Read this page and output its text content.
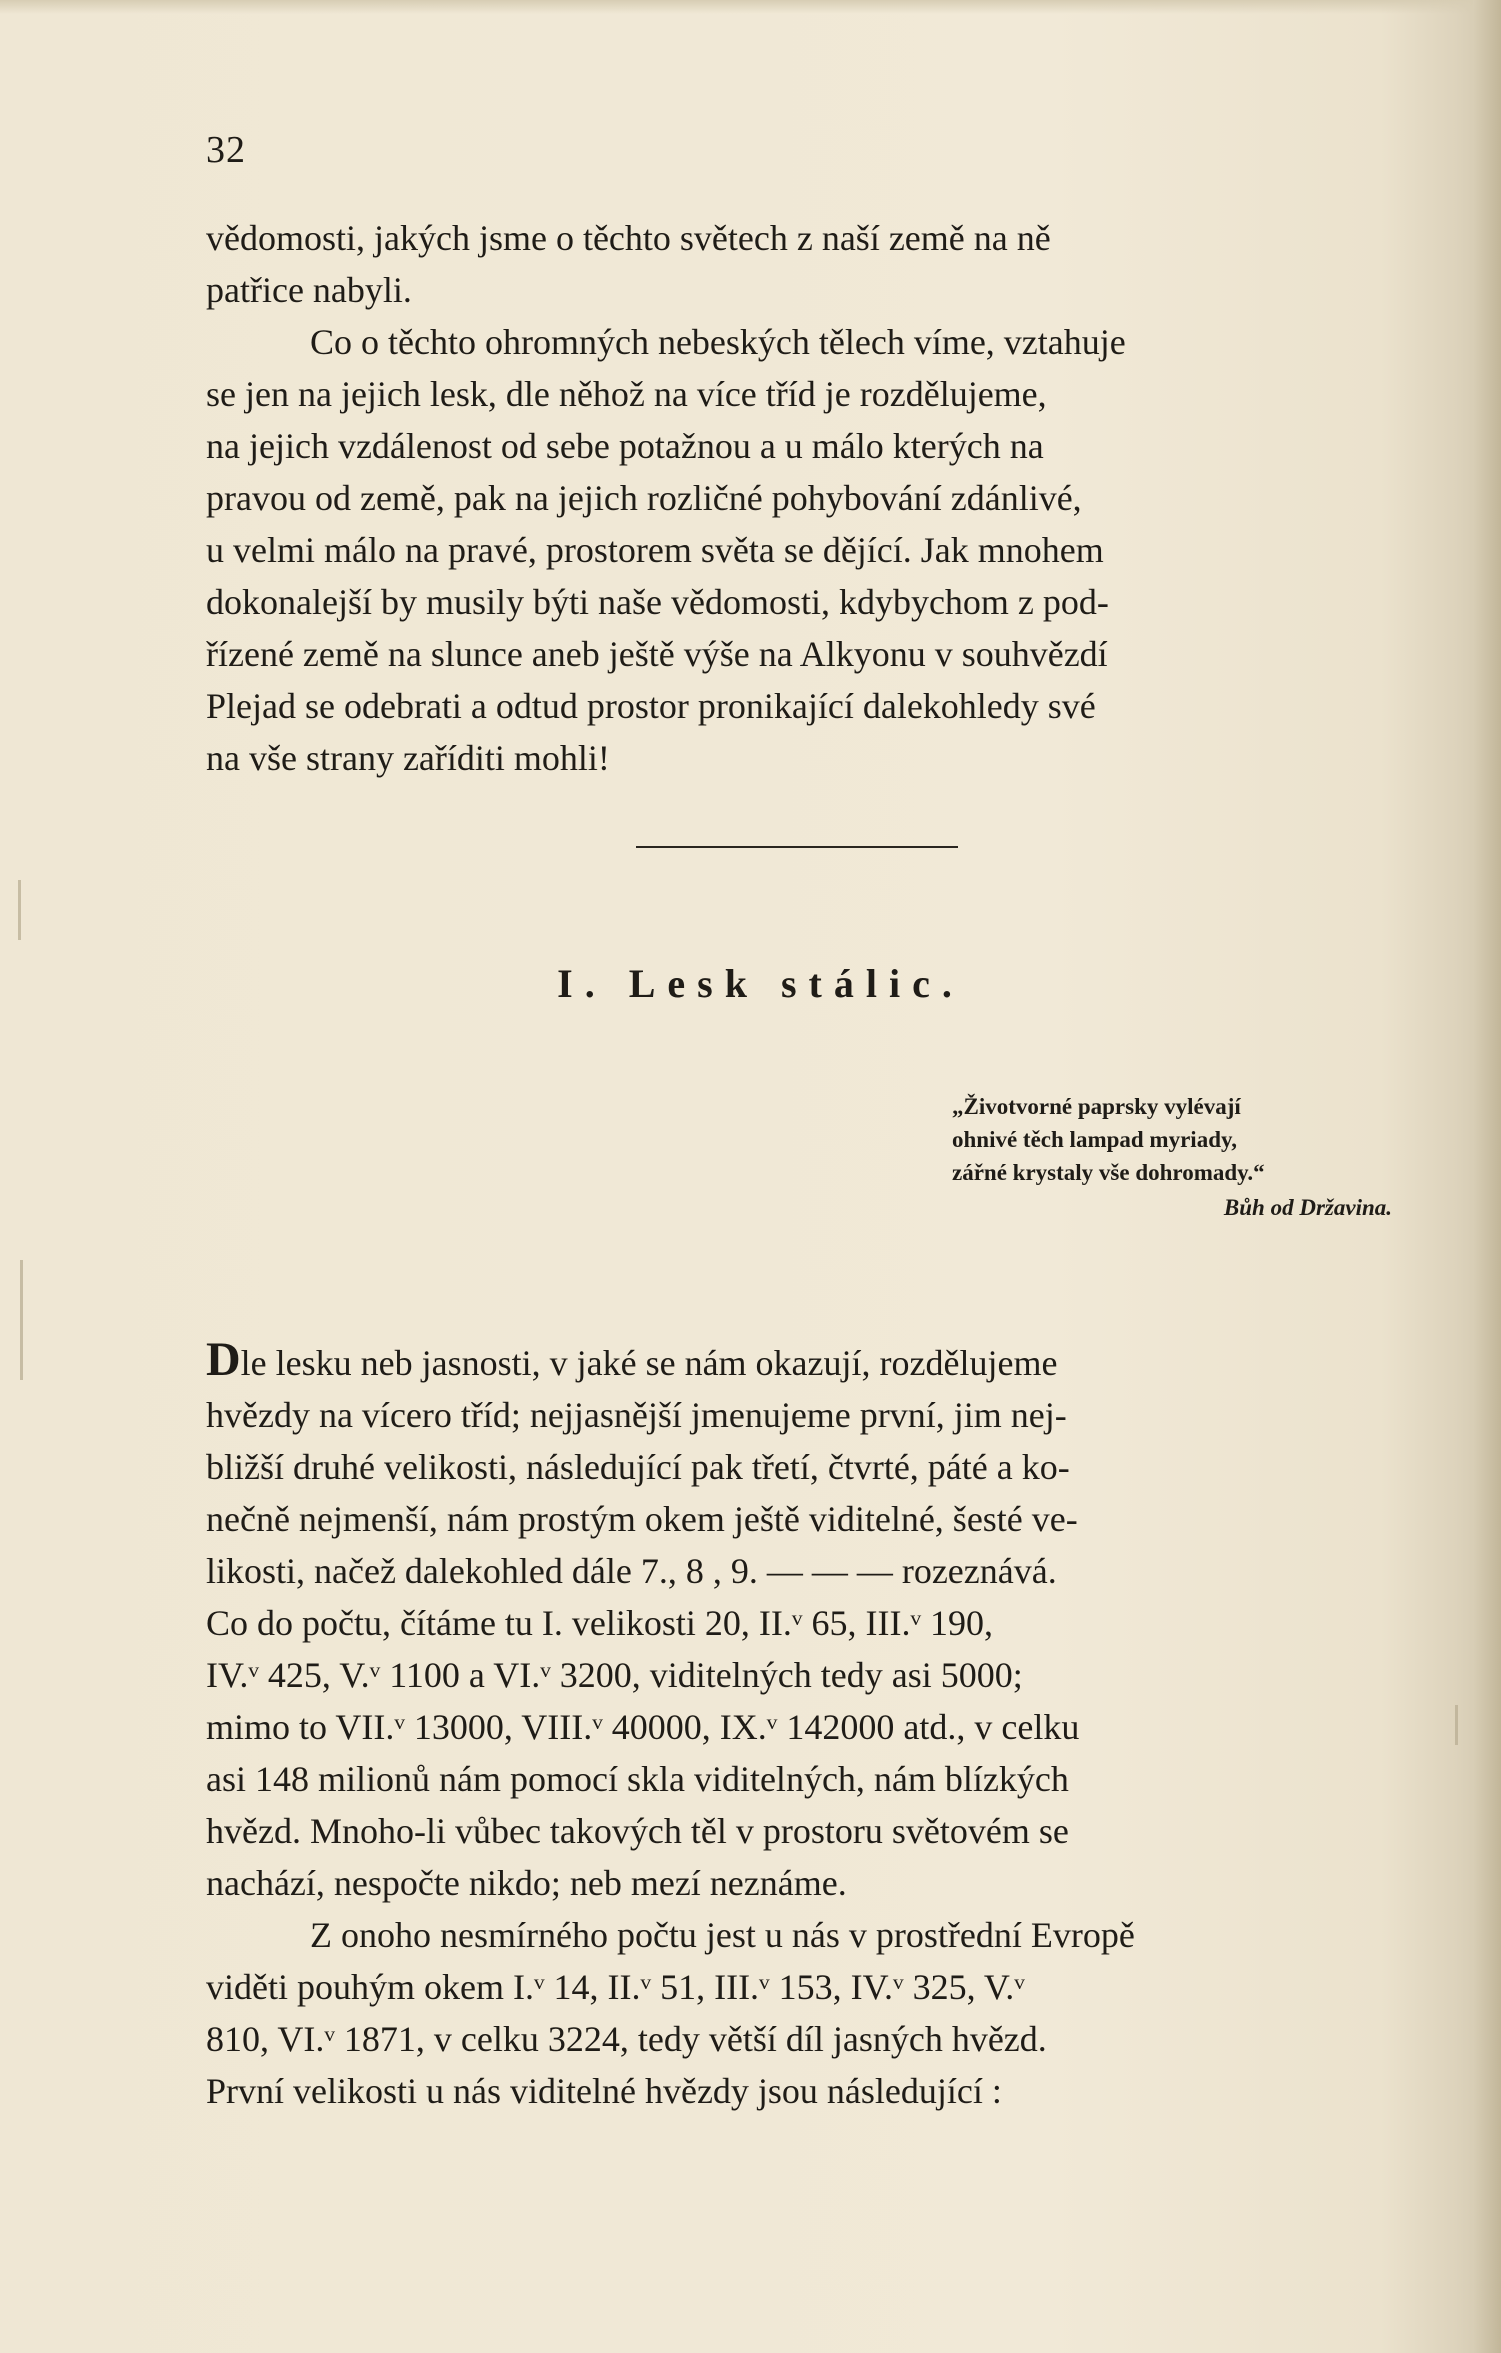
32

vědomosti, jakých jsme o těchto světech z naší země na ně

patřice nabyli.

Co o těchto ohromných nebeských tělech víme, vztahuje

se jen na jejich lesk, dle něhož na více tříd je rozdělujeme,

na jejich vzdálenost od sebe potažnou a u málo kterých na

pravou od země, pak na jejich rozličné pohybování zdánlivé,

u velmi málo na pravé, prostorem světa se dějící. Jak mnohem

dokonalejší by musily býti naše vědomosti, kdybychom z pod-

řízené země na slunce aneb ještě výše na Alkyonu v souhvězdí

Plejad se odebrati a odtud prostor pronikající dalekohledy své

na vše strany zaříditi mohli!

I. Lesk stálic.

„Životvorné paprsky vylévají

ohnivé těch lampad myriady,

zářné krystaly vše dohromady.“

Bůh od Državina.

Dle lesku neb jasnosti, v jaké se nám okazují, rozdělujeme

hvězdy na vícero tříd; nejjasnější jmenujeme první, jim nej-

bližší druhé velikosti, následující pak třetí, čtvrté, páté a ko-

nečně nejmenší, nám prostým okem ještě viditelné, šesté ve-

likosti, načež dalekohled dále 7., 8 , 9. — — — rozeznává.

Co do počtu, čítáme tu I. velikosti 20, II.ᵛ 65, III.ᵛ 190,

IV.ᵛ 425, V.ᵛ 1100 a VI.ᵛ 3200, viditelných tedy asi 5000;

mimo to VII.ᵛ 13000, VIII.ᵛ 40000, IX.ᵛ 142000 atd., v celku

asi 148 milionů nám pomocí skla viditelných, nám blízkých

hvězd. Mnoho-li vůbec takových těl v prostoru světovém se

nachází, nespočte nikdo; neb mezí neznáme.

Z onoho nesmírného počtu jest u nás v prostřední Evropě

viděti pouhým okem I.ᵛ 14, II.ᵛ 51, III.ᵛ 153, IV.ᵛ 325, V.ᵛ

810, VI.ᵛ 1871, v celku 3224, tedy větší díl jasných hvězd.

První velikosti u nás viditelné hvězdy jsou následující :
